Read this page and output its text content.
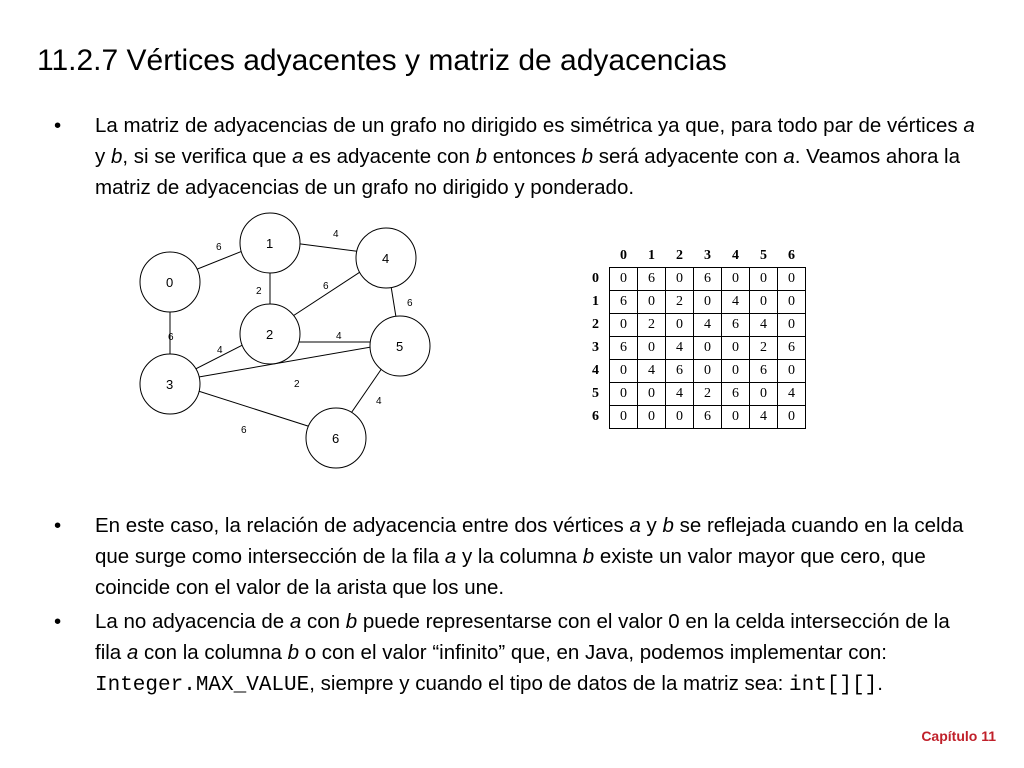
11.2.7 Vértices adyacentes y matriz de adyacencias
• La matriz de adyacencias de un grafo no dirigido es simétrica ya que, para todo par de vértices a y b, si se verifica que a es adyacente con b entonces b será adyacente con a. Veamos ahora la matriz de adyacencias de un grafo no dirigido y ponderado.
6
6
2
4
6
4
4
2
6
6
4
0
1
2
3
4
5
6
	0	1	2	3	4	5	6
0	0	6	0	6	0	0	0
1	6	0	2	0	4	0	0
2	0	2	0	4	6	4	0
3	6	0	4	0	0	2	6
4	0	4	6	0	0	6	0
5	0	0	4	2	6	0	4
6	0	0	0	6	0	4	0
• En este caso, la relación de adyacencia entre dos vértices a y b se reflejada cuando en la celda que surge como intersección de la fila a y la columna b existe un valor mayor que cero, que coincide con el valor de la arista que los une.
• La no adyacencia de a con b puede representarse con el valor 0 en la celda intersección de la fila a con la columna b o con el valor “infinito” que, en Java, podemos implementar con: Integer.MAX_VALUE, siempre y cuando el tipo de datos de la matriz sea: int[][].
Capítulo 11
